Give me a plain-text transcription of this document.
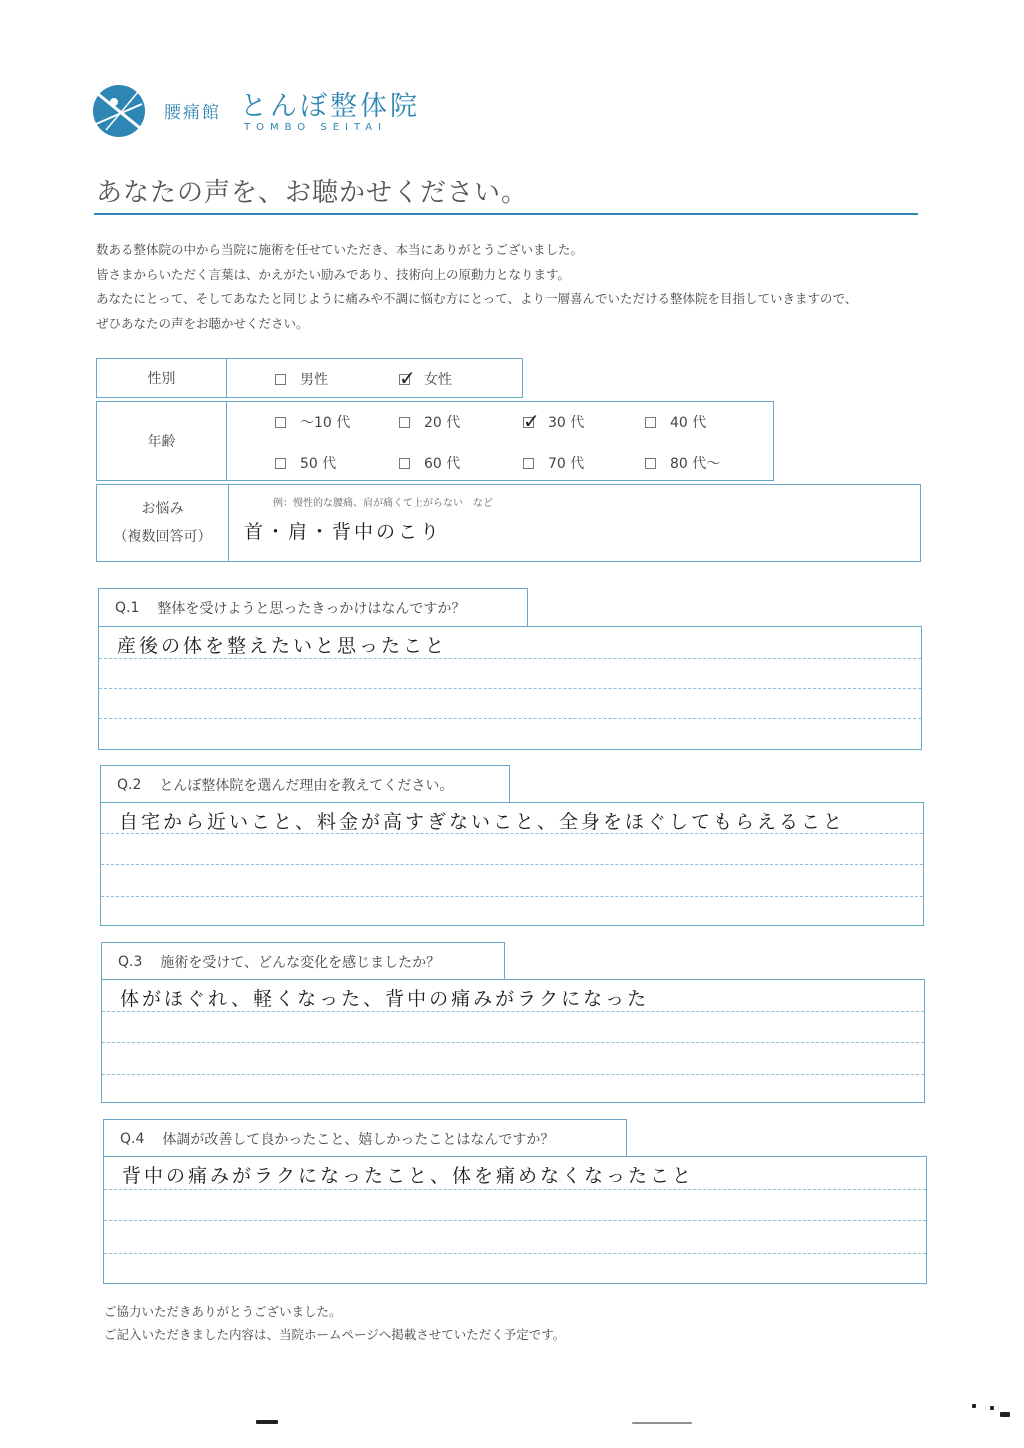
腰痛館 とんぼ整体院
TOMBO SEITAI
あなたの声を、お聴かせください。

数ある整体院の中から当院に施術を任せていただき、本当にありがとうございました。

皆さまからいただく言葉は、かえがたい励みであり、技術向上の原動力となります。

あなたにとって、そしてあなたと同じように痛みや不調に悩む方にとって、より一層喜んでいただける整体院を目指していきますので、

ぜひあなたの声をお聴かせください。

性別	男性 ✓	女性
年齢
～10 代	20 代 ✓	30 代	40 代
50 代	60 代	70 代	80 代～
お悩み
（複数回答可）
例：慢性的な腰痛、肩が痛くて上がらない　など
首・肩・背中のこり
Q.1 整体を受けようと思ったきっかけはなんですか？
産後の体を整えたいと思ったこと
Q.2 とんぼ整体院を選んだ理由を教えてください。
自宅から近いこと、料金が高すぎないこと、全身をほぐしてもらえること
Q.3 施術を受けて、どんな変化を感じましたか？
体がほぐれ、軽くなった、背中の痛みがラクになった
Q.4 体調が改善して良かったこと、嬉しかったことはなんですか？
背中の痛みがラクになったこと、体を痛めなくなったこと

ご協力いただきありがとうございました。

ご記入いただきました内容は、当院ホームページへ掲載させていただく予定です。
